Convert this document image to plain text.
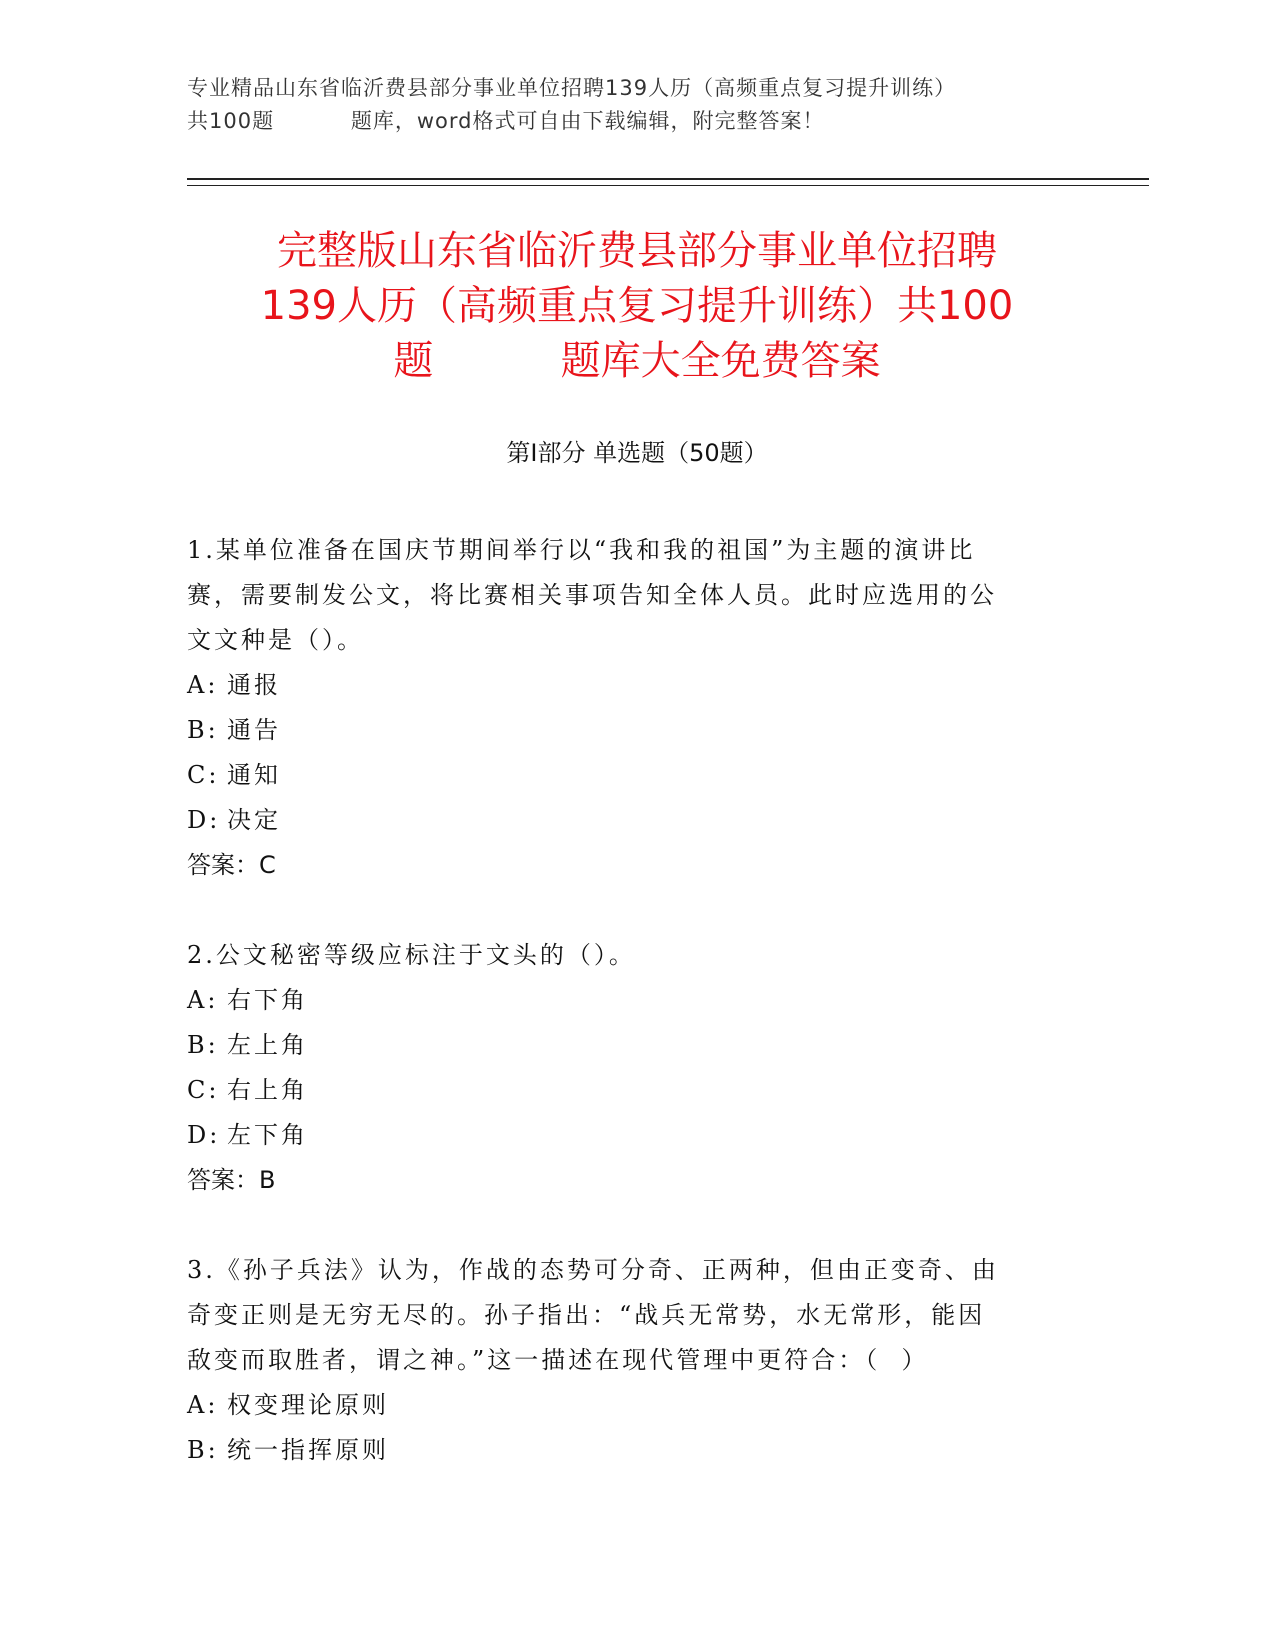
专业精品山东省临沂费县部分事业单位招聘139人历（高频重点复习提升训练）
共100题          题库，word格式可自由下载编辑，附完整答案！
完整版山东省临沂费县部分事业单位招聘
139人历（高频重点复习提升训练）共100
题          题库大全免费答案
第Ⅰ部分 单选题（50题）
1.某单位准备在国庆节期间举行以“我和我的祖国”为主题的演讲比
赛，需要制发公文，将比赛相关事项告知全体人员。此时应选用的公
文文种是（）。
A: 通报
B: 通告
C: 通知
D: 决定
答案：C
2.公文秘密等级应标注于文头的（）。
A: 右下角
B: 左上角
C: 右上角
D: 左下角
答案：B
3.《孙子兵法》认为，作战的态势可分奇、正两种，但由正变奇、由
奇变正则是无穷无尽的。孙子指出：“战兵无常势，水无常形，能因
敌变而取胜者，谓之神。”这一描述在现代管理中更符合：（  ）
A: 权变理论原则
B: 统一指挥原则
